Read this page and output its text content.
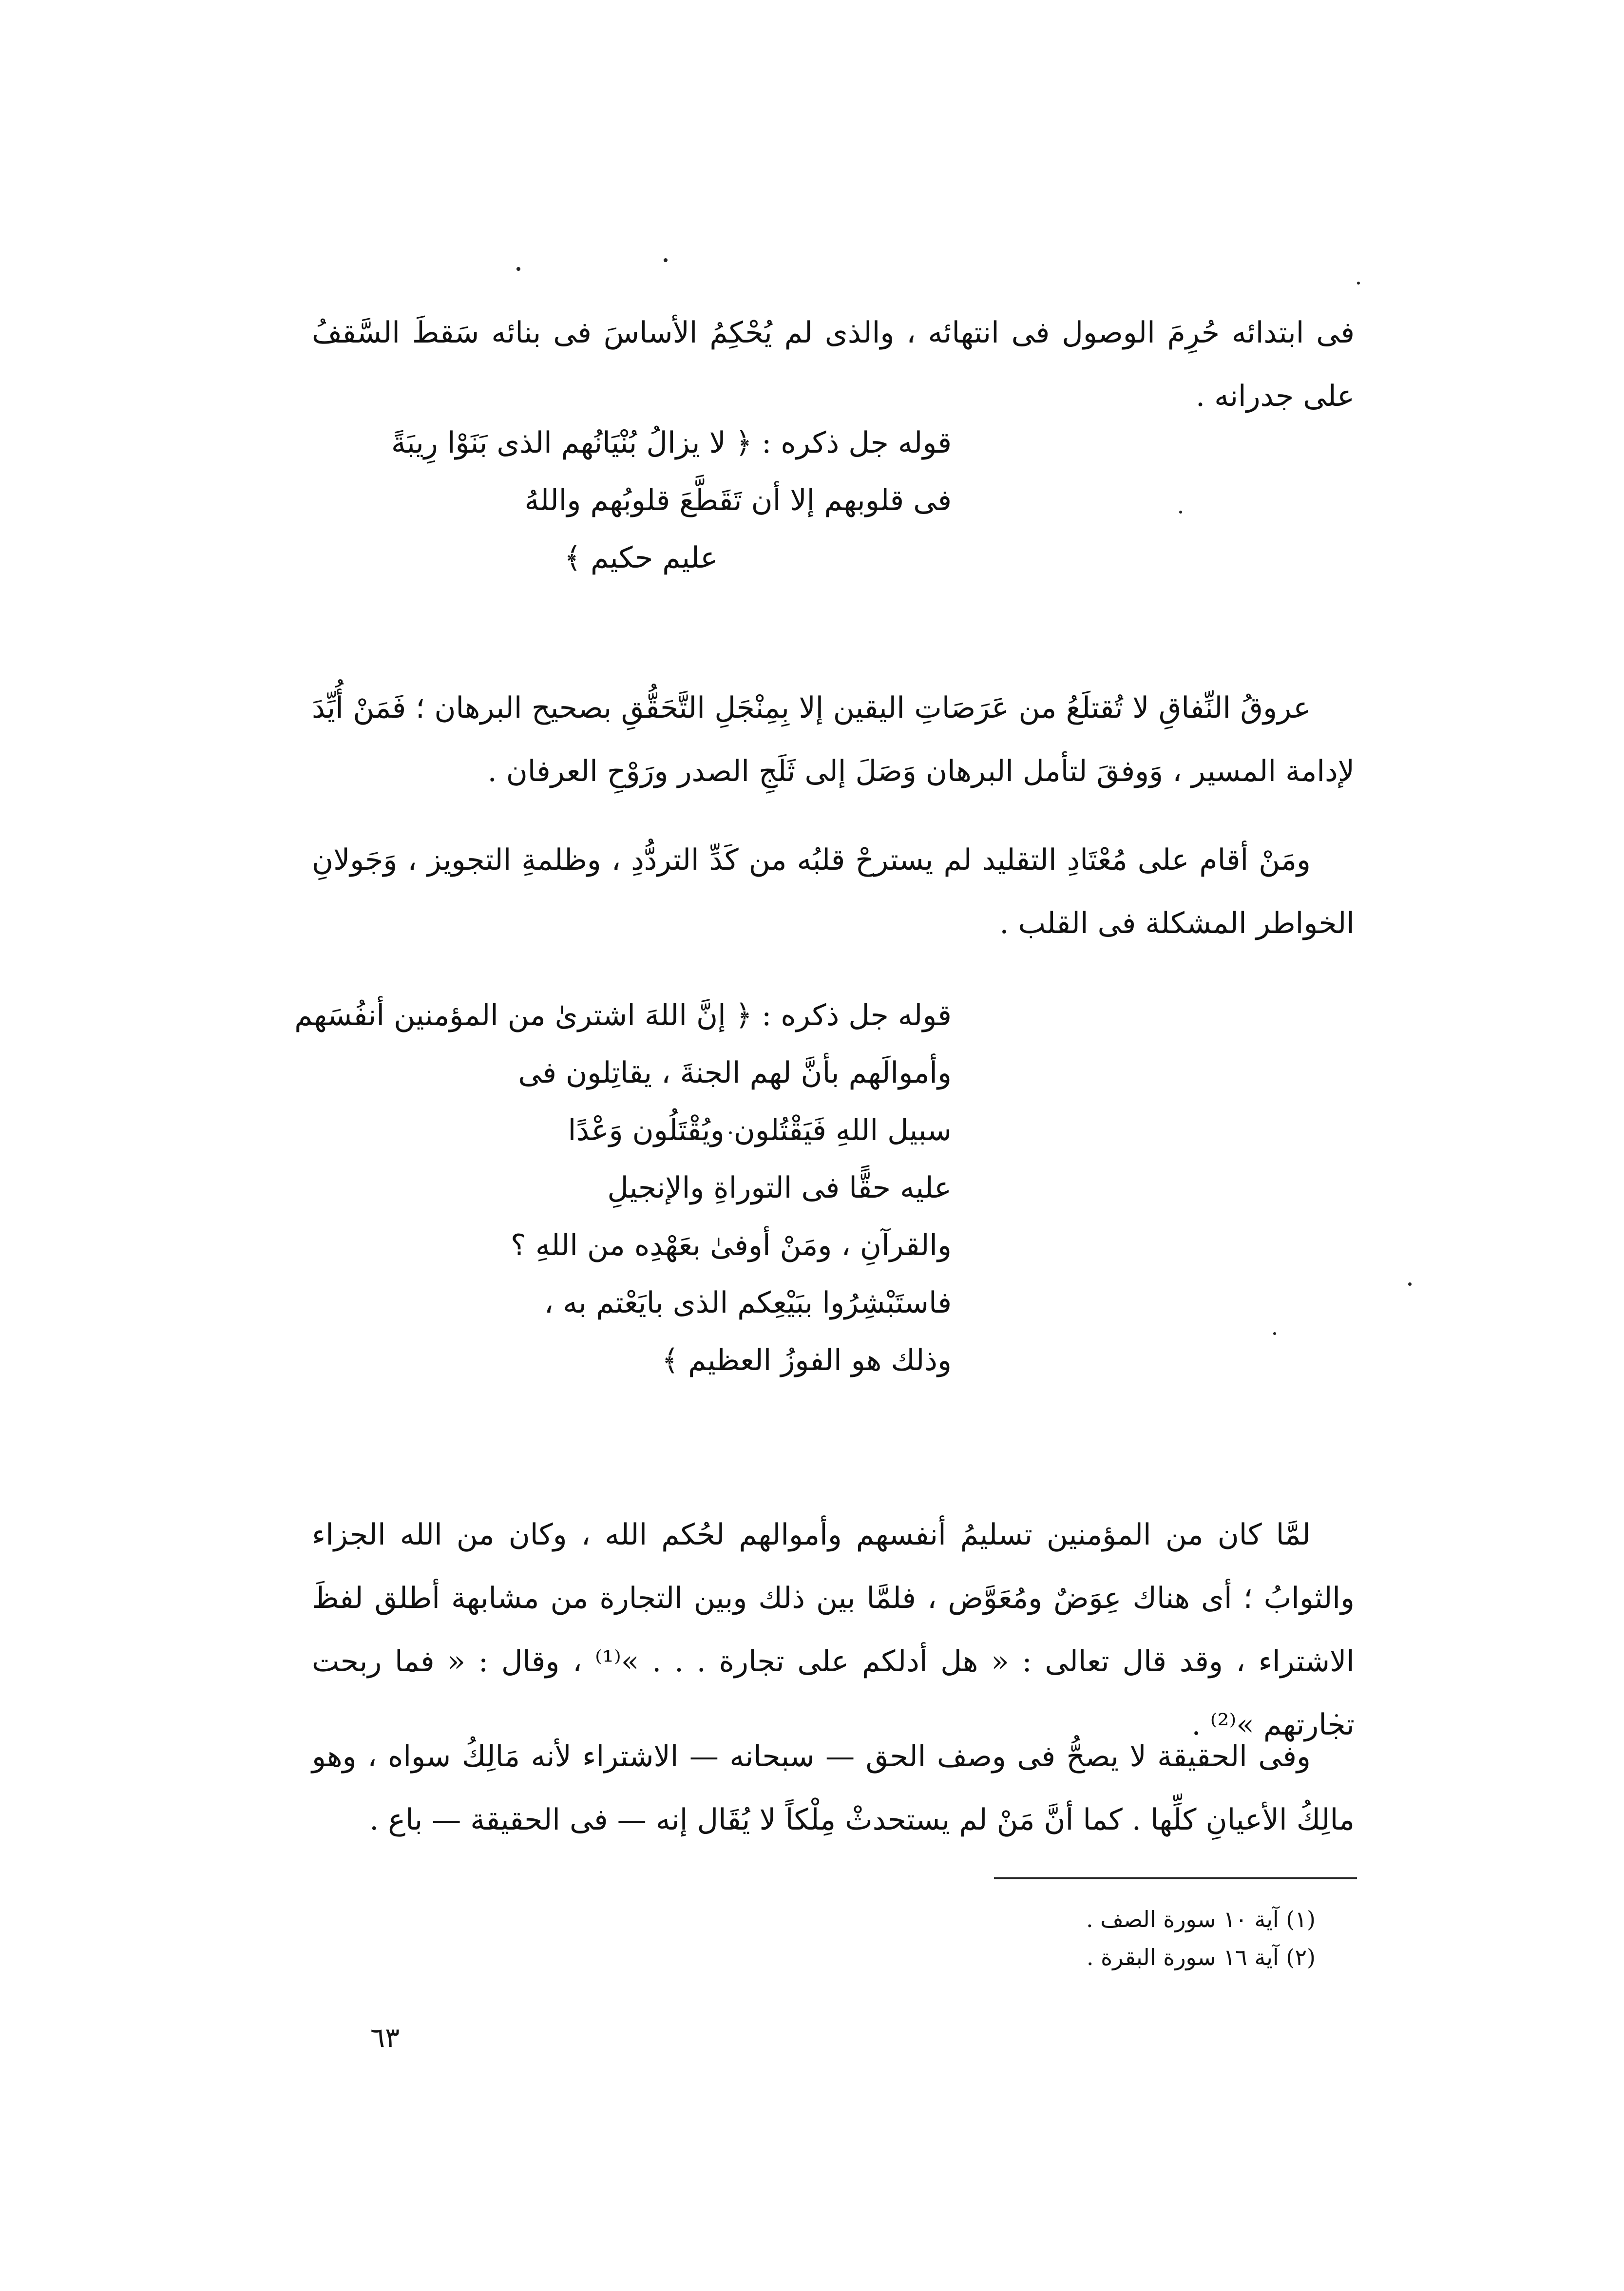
فى ابتدائه حُرِمَ الوصول فى انتهائه ، والذى لم يُحْكِمُ الأساسَ فى بنائه سَقطَ السَّقفُ على جدرانه .

قوله جل ذكره : ﴿ لا يزالُ بُنْيَانُهم الذى بَنَوْا رِيبَةً
فى قلوبهم إلا أن تَقَطَّعَ قلوبُهم واللهُ
عليم حكيم ﴾

عروقُ النِّفاقِ لا تُقتلَعُ من عَرَصَاتِ اليقين إلا بِمِنْجَلِ التَّحَقُّقِ بصحيح البرهان ؛ فَمَنْ أُيِّدَ لإدامة المسير ، وَوفقَ لتأمل البرهان وَصَلَ إلى ثَلَجِ الصدر ورَوْحِ العرفان .

ومَنْ أقام على مُعْتَادِ التقليد لم يسترحْ قلبُه من كَدِّ التردُّدِ ، وظلمةِ التجويز ، وَجَولانِ الخواطر المشكلة فى القلب .

قوله جل ذكره : ﴿ إنَّ اللهَ اشترىٰ من المؤمنين أنفُسَهم
وأموالَهم بأنَّ لهم الجنةَ ، يقاتِلون فى
سبيل اللهِ فَيَقْتُلون ويُقْتَلُون وَعْدًا
عليه حقًّا فى التوراةِ والإنجيلِ
والقرآنِ ، ومَنْ أوفىٰ بعَهْدِه من اللهِ ؟
فاستَبْشِرُوا ببَيْعِكم الذى بايَعْتم به ،
وذلك هو الفوزُ العظيم ﴾

لمَّا كان من المؤمنين تسليمُ أنفسهم وأموالهم لحُكم الله ، وكان من الله الجزاء والثوابُ ؛ أى هناك عِوَضٌ ومُعَوَّض ، فلمَّا بين ذلك وبين التجارة من مشابهة أطلق لفظَ الاشتراء ، وقد قال تعالى : « هل أدلكم على تجارة . . . »⁽¹⁾ ، وقال : « فما ربحت تجارتهم »⁽²⁾ .

وفى الحقيقة لا يصحُّ فى وصف الحق — سبحانه — الاشتراء لأنه مَالِكُ سواه ، وهو مالِكُ الأعيانِ كلِّها . كما أنَّ مَنْ لم يستحدثْ مِلْكاً لا يُقَال إنه — فى الحقيقة — باع .

(١) آية ١٠ سورة الصف .
(٢) آية ١٦ سورة البقرة .
٦٣
